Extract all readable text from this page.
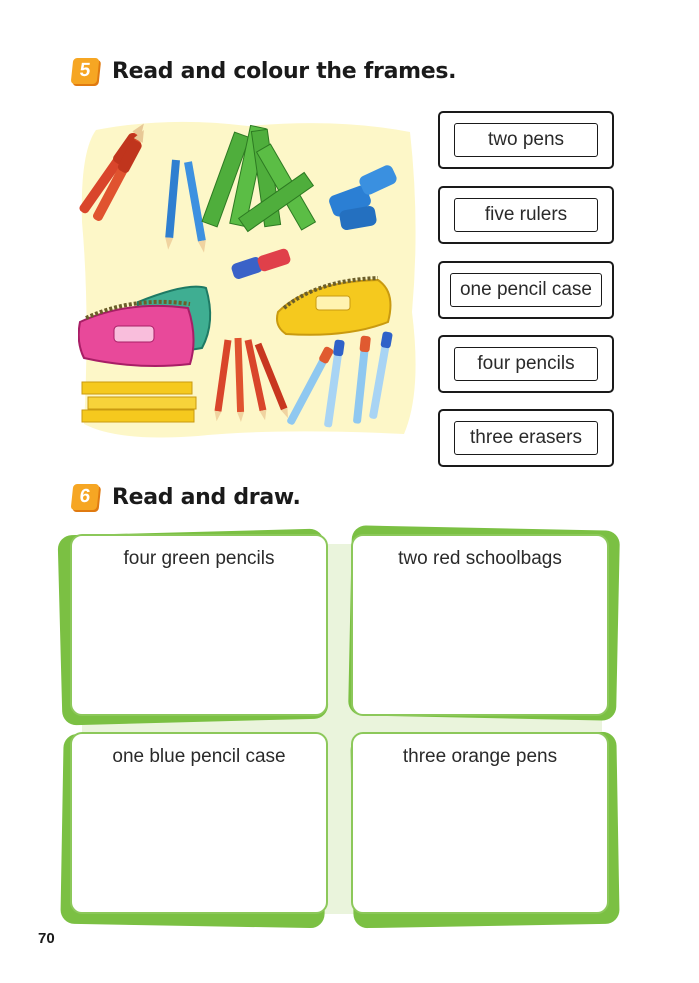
5 Read and colour the frames.
two pens
five rulers
one pencil case
four pencils
three erasers
6 Read and draw.
four green pencils	two red schoolbags
one blue pencil case	three orange pens
70
